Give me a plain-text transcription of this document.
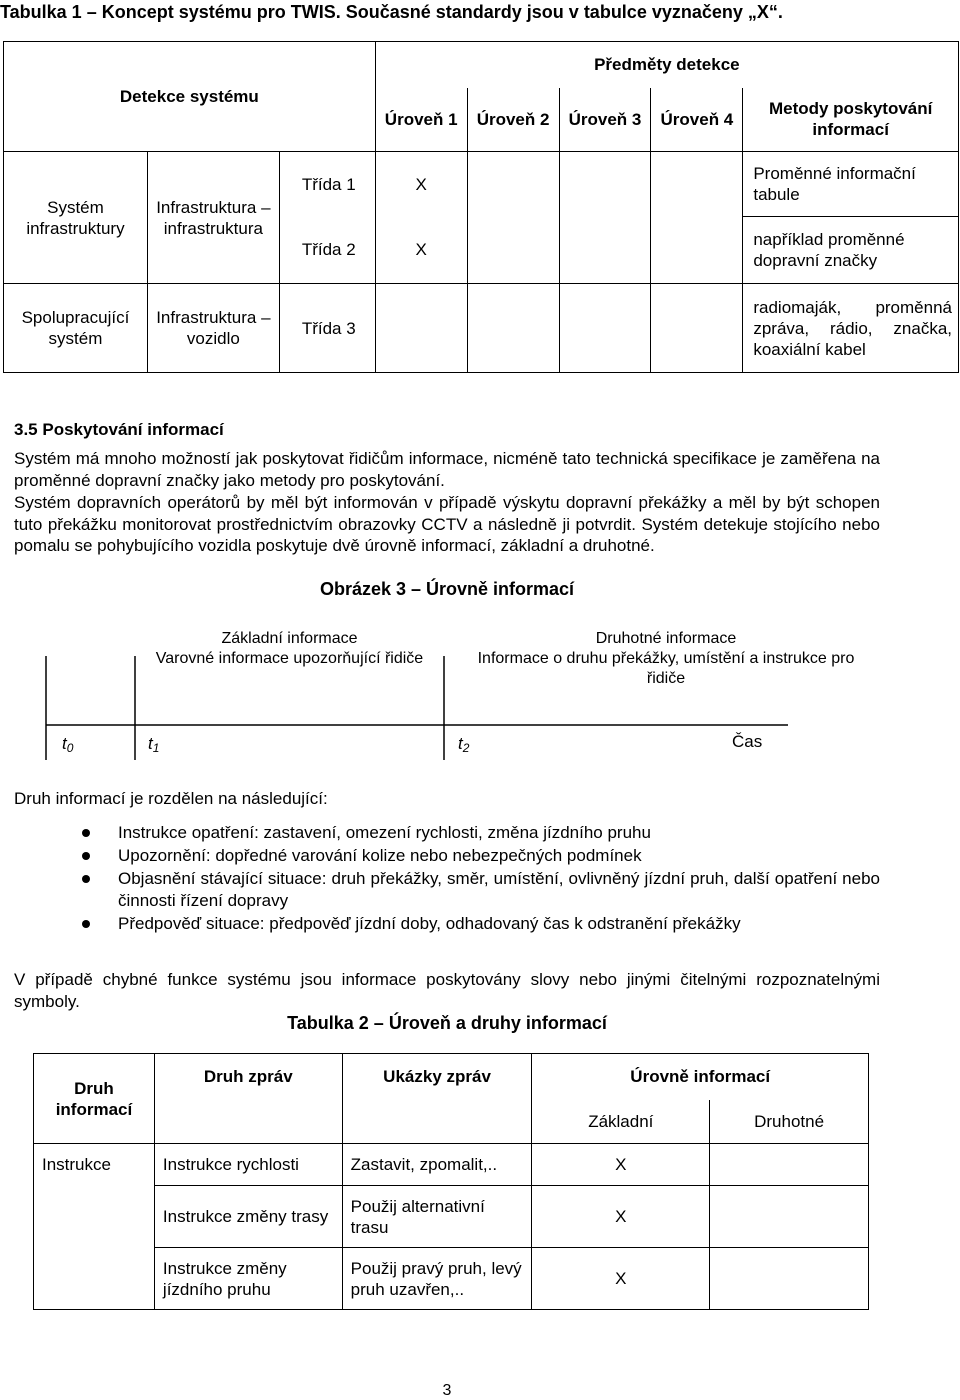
Tabulka 1 – Koncept systému pro TWIS. Současné standardy jsou v tabulce vyznačeny „X“.
Detekce systému			Předměty detekce				
			Úroveň 1	Úroveň 2	Úroveň 3	Úroveň 4	Metody poskytování informací
Systém infrastruktury	Infrastruktura – infrastruktura	Třída 1	X				Proměnné informační tabule
		Třída 2	X				například proměnné dopravní značky
Spolupracující systém	Infrastruktura – vozidlo	Třída 3					radiomaják, proměnná zpráva, rádio, značka, koaxiální kabel
3.5 Poskytování informací
Systém má mnoho možností jak poskytovat řidičům informace, nicméně tato technická specifikace je zaměřena na proměnné dopravní značky jako metody pro poskytování.
Systém dopravních operátorů by měl být informován v případě výskytu dopravní překážky a měl by být schopen tuto překážku monitorovat prostřednictvím obrazovky CCTV a následně ji potvrdit. Systém detekuje stojícího nebo pomalu se pohybujícího vozidla poskytuje dvě úrovně informací, základní a druhotné.
Obrázek 3 – Úrovně informací
Základní informace
Varovné informace upozorňující řidiče
Druhotné informace
Informace o druhu překážky, umístění a instrukce pro řidiče
$t_0$	$t_1$	$t_2$	Čas
Druh informací je rozdělen na následující:
Instrukce opatření: zastavení, omezení rychlosti, změna jízdního pruhu
Upozornění: dopředné varování kolize nebo nebezpečných podmínek
Objasnění stávající situace: druh překážky, směr, umístění, ovlivněný jízdní pruh, další opatření nebo činnosti řízení dopravy
Předpověď situace: předpověď jízdní doby, odhadovaný čas k odstranění překážky
V případě chybné funkce systému jsou informace poskytovány slovy nebo jinými čitelnými rozpoznatelnými symboly.
Tabulka 2 – Úroveň a druhy informací
Druh informací	Druh zpráv	Ukázky zpráv	Úrovně informací	
			Základní	Druhotné
Instrukce	Instrukce rychlosti	Zastavit, zpomalit,..	X	
	Instrukce změny trasy	Použij alternativní trasu	X	
	Instrukce změny jízdního pruhu	Použij pravý pruh, levý pruh uzavřen,..	X	
3
